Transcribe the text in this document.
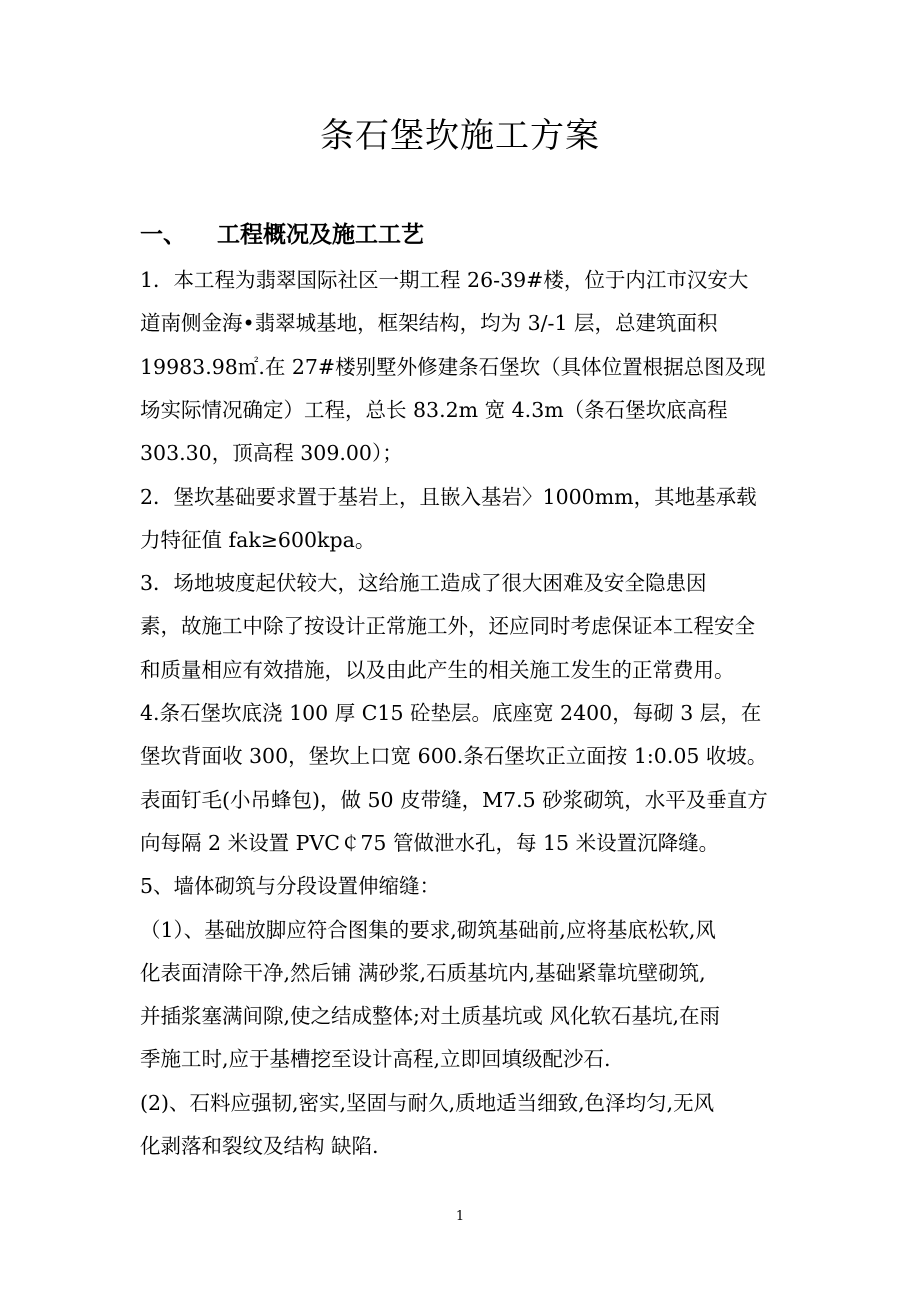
条石堡坎施工方案
一、 工程概况及施工工艺
1．本工程为翡翠国际社区一期工程 26-39#楼，位于内江市汉安大
道南侧金海•翡翠城基地，框架结构，均为 3/-1 层，总建筑面积
19983.98㎡.在 27#楼别墅外修建条石堡坎（具体位置根据总图及现
场实际情况确定）工程，总长 83.2m 宽 4.3m（条石堡坎底高程
303.30，顶高程 309.00）；
2．堡坎基础要求置于基岩上，且嵌入基岩〉1000mm，其地基承载
力特征值 fak≥600kpa。
3．场地坡度起伏较大，这给施工造成了很大困难及安全隐患因
素，故施工中除了按设计正常施工外，还应同时考虑保证本工程安全
和质量相应有效措施，以及由此产生的相关施工发生的正常费用。
4.条石堡坎底浇 100 厚 C15 砼垫层。底座宽 2400，每砌 3 层，在
堡坎背面收 300，堡坎上口宽 600.条石堡坎正立面按 1:0.05 收坡。
表面钉毛(小吊蜂包)，做 50 皮带缝，M7.5 砂浆砌筑，水平及垂直方
向每隔 2 米设置 PVC￠75 管做泄水孔，每 15 米设置沉降缝。
5、墙体砌筑与分段设置伸缩缝：
（1）、基础放脚应符合图集的要求,砌筑基础前,应将基底松软,风
化表面清除干净,然后铺 满砂浆,石质基坑内,基础紧靠坑壁砌筑,
并插浆塞满间隙,使之结成整体;对土质基坑或 风化软石基坑,在雨
季施工时,应于基槽挖至设计高程,立即回填级配沙石.
(2)、石料应强韧,密实,坚固与耐久,质地适当细致,色泽均匀,无风
化剥落和裂纹及结构 缺陷.
1
